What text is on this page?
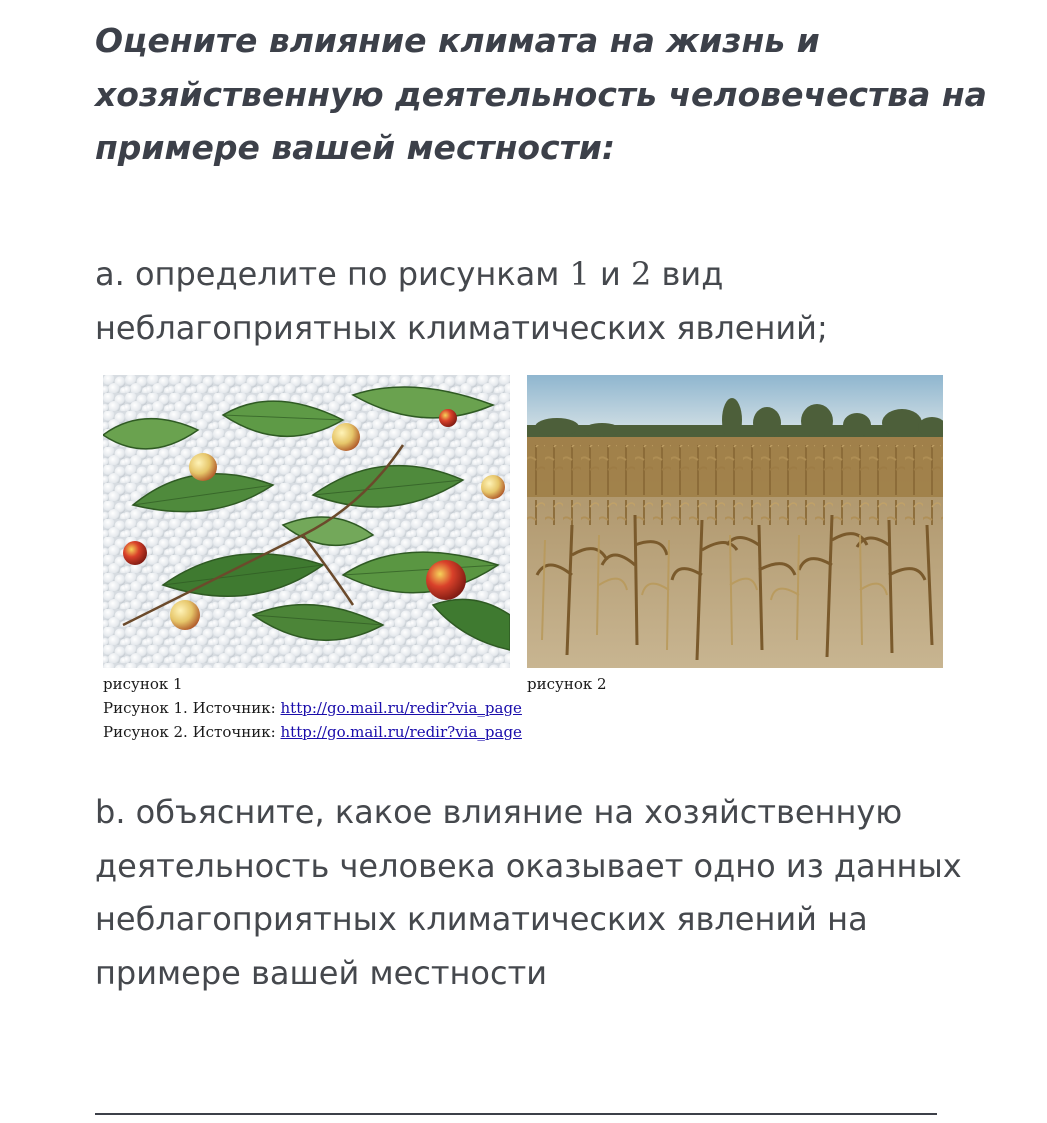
Оцените влияние климата на жизнь и хозяйственную деятельность человечества на примере вашей местности:

a. определите по рисункам 1 и 2 вид неблагоприятных климатических явлений;

рисунок 1	рисунок 2
Рисунок 1. Источник: http://go.mail.ru/redir?via_page
Рисунок 2. Источник: http://go.mail.ru/redir?via_page

b. объясните, какое влияние на хозяйственную деятельность человека оказывает одно из данных неблагоприятных климатических явлений на примере вашей местности
